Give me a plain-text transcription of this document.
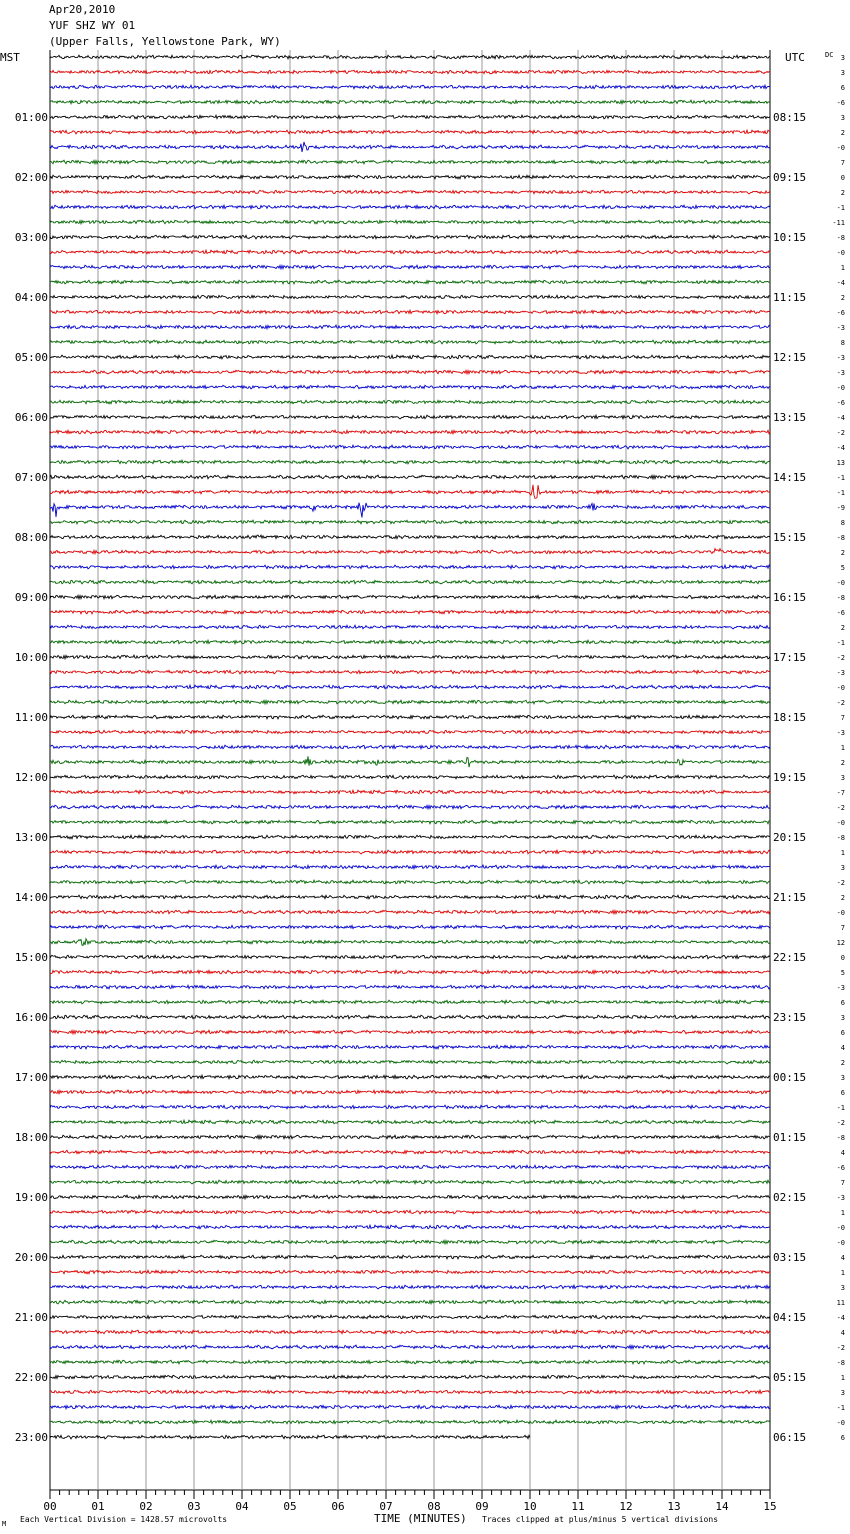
00	01	02	03	04	05	06	07	08	09	10	11	12	13	14	15
3
3
6
-6
3
2
-0
7
0
2
-1
-11
-8
-0
1
-4
2
-6
-3
8
-3
-3
-0
-6
-4
-2
-4
13
-1
-1
-9
8
-8
2
5
-0
-8
-6
2
-1
-2
-3
-0
-2
7
-3
1
2
3
-7
-2
-0
-8
1
3
-2
2
-0
7
12
0
5
-3
6
3
6
4
2
3
6
-1
-2
-8
4
-6
7
-3
1
-0
-0
4
1
3
11
-4
4
-2
-8
1
3
-1
-0
6
DC
01:00
02:00
03:00
04:00
05:00
06:00
07:00
08:00
09:00
10:00
11:00
12:00
13:00
14:00
15:00
16:00
17:00
18:00
19:00
20:00
21:00
22:00
23:00
08:15
09:15
10:15
11:15
12:15
13:15
14:15
15:15
16:15
17:15
18:15
19:15
20:15
21:15
22:15
23:15
00:15
01:15
02:15
03:15
04:15
05:15
06:15
Apr20,2010
YUF SHZ WY 01
(Upper Falls, Yellowstone Park, WY)
MST	UTC
Each Vertical Division = 1428.57 microvolts	TIME (MINUTES) Traces clipped at plus/minus 5 vertical divisions
M
